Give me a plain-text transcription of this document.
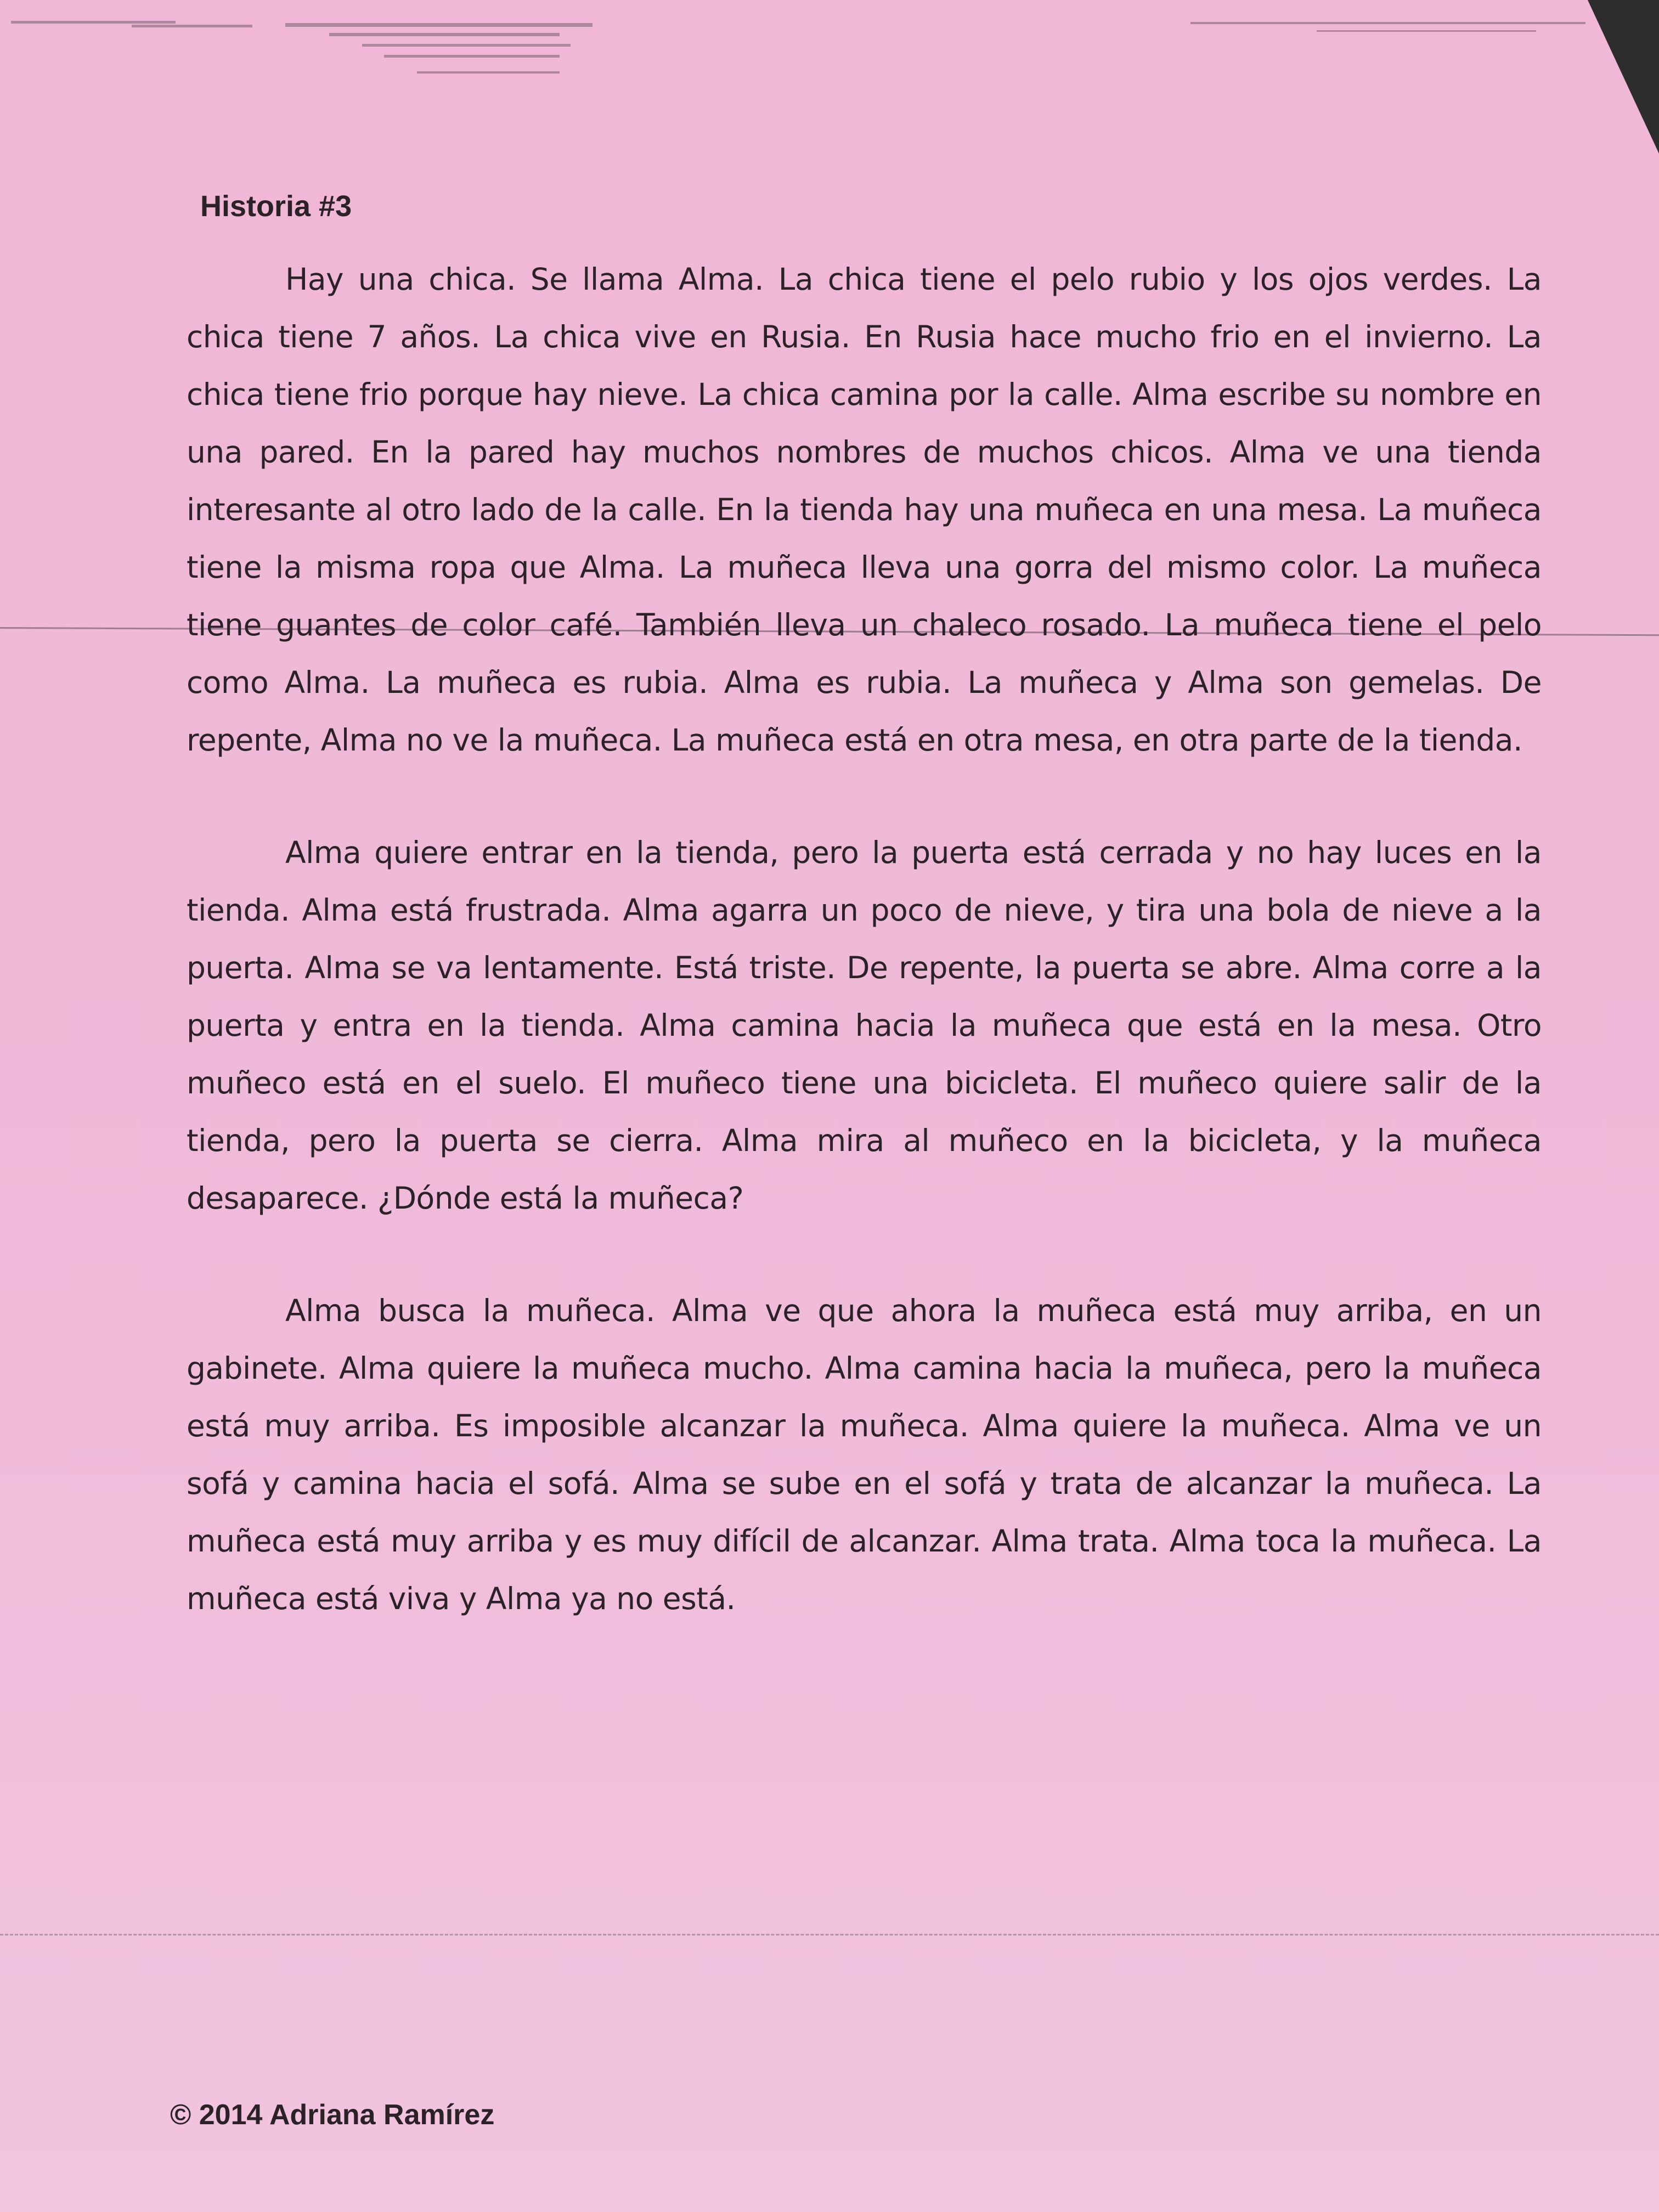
Historia #3

Hay una chica. Se llama Alma. La chica tiene el pelo rubio y los ojos verdes. La chica tiene 7 años. La chica vive en Rusia. En Rusia hace mucho frio en el invierno. La chica tiene frio porque hay nieve. La chica camina por la calle. Alma escribe su nombre en una pared. En la pared hay muchos nombres de muchos chicos. Alma ve una tienda interesante al otro lado de la calle. En la tienda hay una muñeca en una mesa. La muñeca tiene la misma ropa que Alma. La muñeca lleva una gorra del mismo color. La muñeca tiene guantes de color café. También lleva un chaleco rosado. La muñeca tiene el pelo como Alma. La muñeca es rubia. Alma es rubia. La muñeca y Alma son gemelas. De repente, Alma no ve la muñeca. La muñeca está en otra mesa, en otra parte de la tienda.

Alma quiere entrar en la tienda, pero la puerta está cerrada y no hay luces en la tienda. Alma está frustrada. Alma agarra un poco de nieve, y tira una bola de nieve a la puerta. Alma se va lentamente. Está triste. De repente, la puerta se abre. Alma corre a la puerta y entra en la tienda. Alma camina hacia la muñeca que está en la mesa. Otro muñeco está en el suelo. El muñeco tiene una bicicleta. El muñeco quiere salir de la tienda, pero la puerta se cierra. Alma mira al muñeco en la bicicleta, y la muñeca desaparece. ¿Dónde está la muñeca?

Alma busca la muñeca. Alma ve que ahora la muñeca está muy arriba, en un gabinete. Alma quiere la muñeca mucho. Alma camina hacia la muñeca, pero la muñeca está muy arriba. Es imposible alcanzar la muñeca. Alma quiere la muñeca. Alma ve un sofá y camina hacia el sofá. Alma se sube en el sofá y trata de alcanzar la muñeca. La muñeca está muy arriba y es muy difícil de alcanzar. Alma trata. Alma toca la muñeca. La muñeca está viva y Alma ya no está.

© 2014 Adriana Ramírez
